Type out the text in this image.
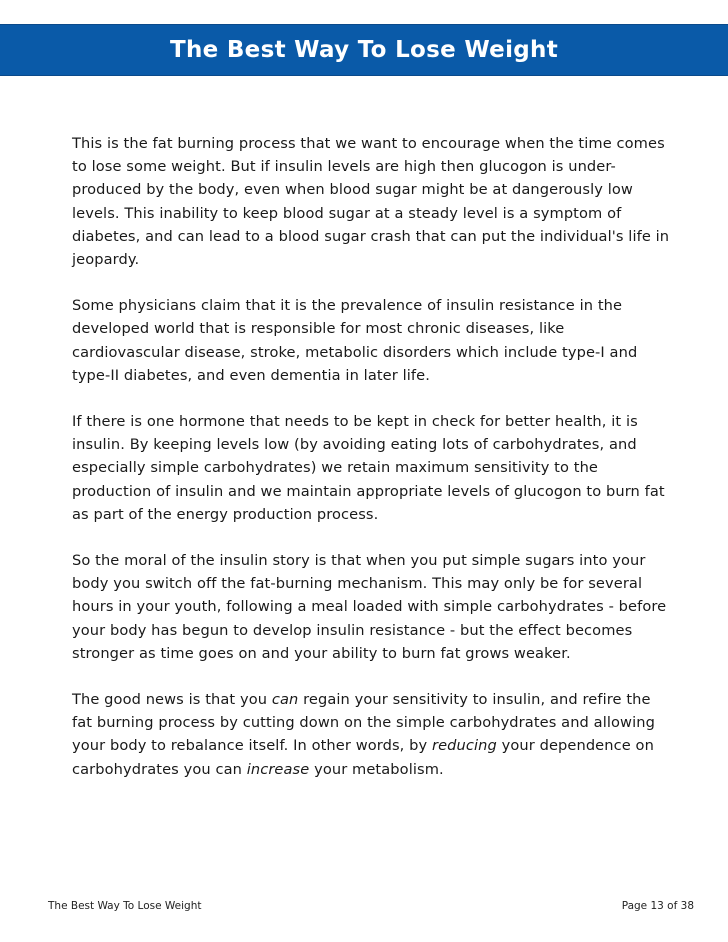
The Best Way To Lose Weight

This is the fat burning process that we want to encourage when the time comes to lose some weight. But if insulin levels are high then glucogon is under-produced by the body, even when blood sugar might be at dangerously low levels. This inability to keep blood sugar at a steady level is a symptom of diabetes, and can lead to a blood sugar crash that can put the individual's life in jeopardy.

Some physicians claim that it is the prevalence of insulin resistance in the developed world that is responsible for most chronic diseases, like cardiovascular disease, stroke, metabolic disorders which include type-I and type-II diabetes, and even dementia in later life.

If there is one hormone that needs to be kept in check for better health, it is insulin. By keeping levels low (by avoiding eating lots of carbohydrates, and especially simple carbohydrates) we retain maximum sensitivity to the production of insulin and we maintain appropriate levels of glucogon to burn fat as part of the energy production process.

So the moral of the insulin story is that when you put simple sugars into your body you switch off the fat-burning mechanism. This may only be for several hours in your youth, following a meal loaded with simple carbohydrates - before your body has begun to develop insulin resistance - but the effect becomes stronger as time goes on and your ability to burn fat grows weaker.

The good news is that you can regain your sensitivity to insulin, and refire the fat burning process by cutting down on the simple carbohydrates and allowing your body to rebalance itself. In other words, by reducing your dependence on carbohydrates you can increase your metabolism.

The Best Way To Lose Weight	Page 13 of 38
